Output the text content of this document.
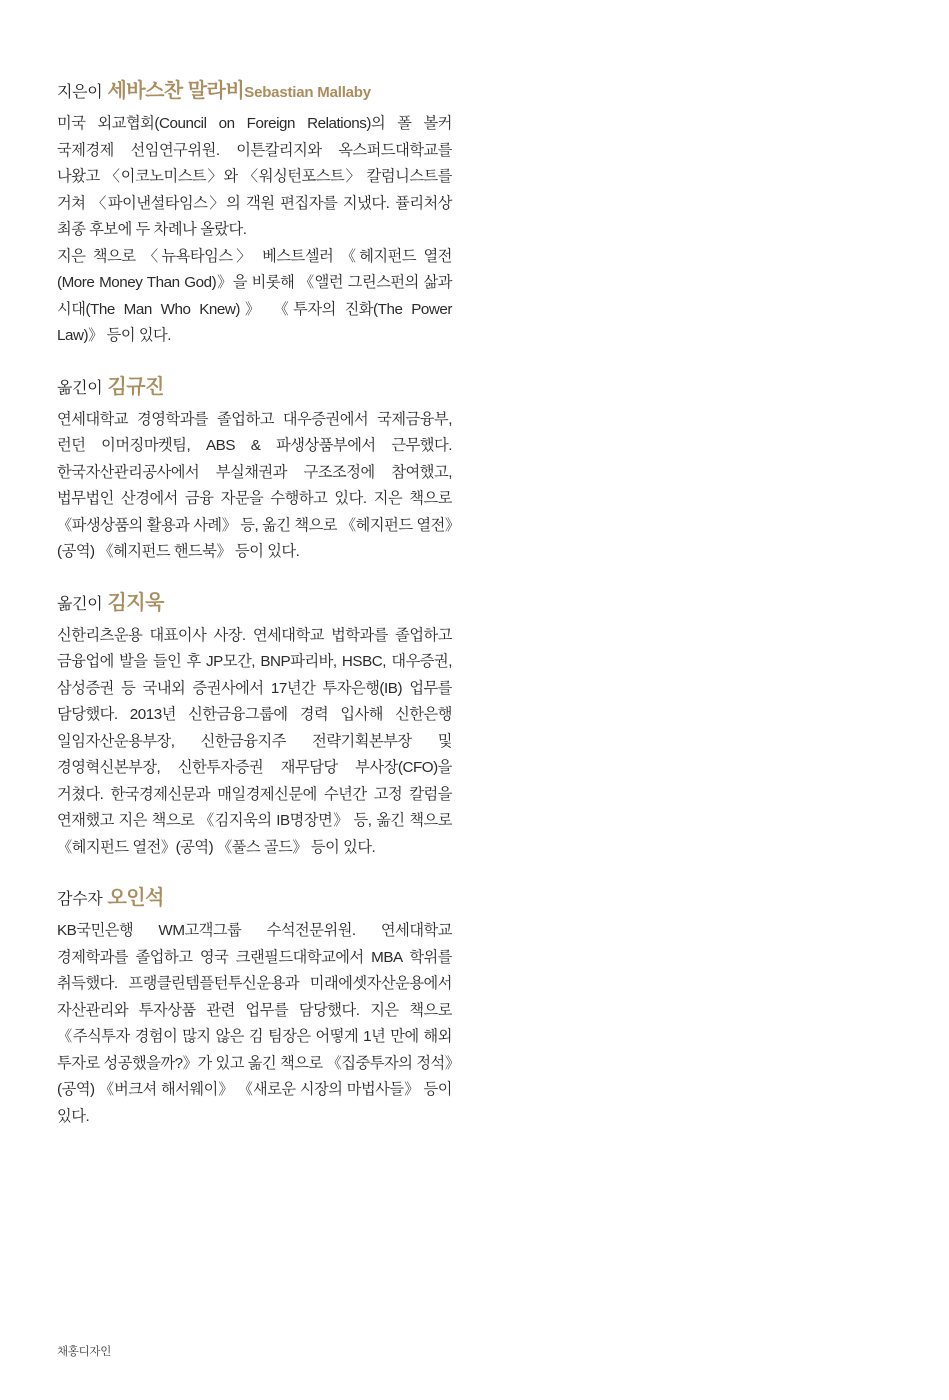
지은이 세바스찬 말라비Sebastian Mallaby
미국 외교협회(Council on Foreign Relations)의 폴 볼커 국제경제 선임연구위원. 이튼칼리지와 옥스퍼드대학교를 나왔고 〈이코노미스트〉와 〈워싱턴포스트〉 칼럼니스트를 거쳐 〈파이낸셜타임스〉의 객원 편집자를 지냈다. 퓰리처상 최종 후보에 두 차례나 올랐다.
지은 책으로 〈뉴욕타임스〉 베스트셀러 《헤지펀드 열전(More Money Than God)》을 비롯해 《앨런 그린스펀의 삶과 시대(The Man Who Knew)》 《투자의 진화(The Power Law)》 등이 있다.
옮긴이 김규진
연세대학교 경영학과를 졸업하고 대우증권에서 국제금융부, 런던 이머징마켓팀, ABS & 파생상품부에서 근무했다. 한국자산관리공사에서 부실채권과 구조조정에 참여했고, 법무법인 산경에서 금융 자문을 수행하고 있다. 지은 책으로 《파생상품의 활용과 사례》 등, 옮긴 책으로 《헤지펀드 열전》(공역) 《헤지펀드 핸드북》 등이 있다.
옮긴이 김지욱
신한리츠운용 대표이사 사장. 연세대학교 법학과를 졸업하고 금융업에 발을 들인 후 JP모간, BNP파리바, HSBC, 대우증권, 삼성증권 등 국내외 증권사에서 17년간 투자은행(IB) 업무를 담당했다. 2013년 신한금융그룹에 경력 입사해 신한은행 일임자산운용부장, 신한금융지주 전략기획본부장 및 경영혁신본부장, 신한투자증권 재무담당 부사장(CFO)을 거쳤다. 한국경제신문과 매일경제신문에 수년간 고정 칼럼을 연재했고 지은 책으로 《김지욱의 IB명장면》 등, 옮긴 책으로 《헤지펀드 열전》(공역) 《풀스 골드》 등이 있다.
감수자 오인석
KB국민은행 WM고객그룹 수석전문위원. 연세대학교 경제학과를 졸업하고 영국 크랜필드대학교에서 MBA 학위를 취득했다. 프랭클린템플턴투신운용과 미래에셋자산운용에서 자산관리와 투자상품 관련 업무를 담당했다. 지은 책으로 《주식투자 경험이 많지 않은 김 팀장은 어떻게 1년 만에 해외 투자로 성공했을까?》가 있고 옮긴 책으로 《집중투자의 정석》(공역) 《버크셔 해서웨이》 《새로운 시장의 마법사들》 등이 있다.
채홍디자인
